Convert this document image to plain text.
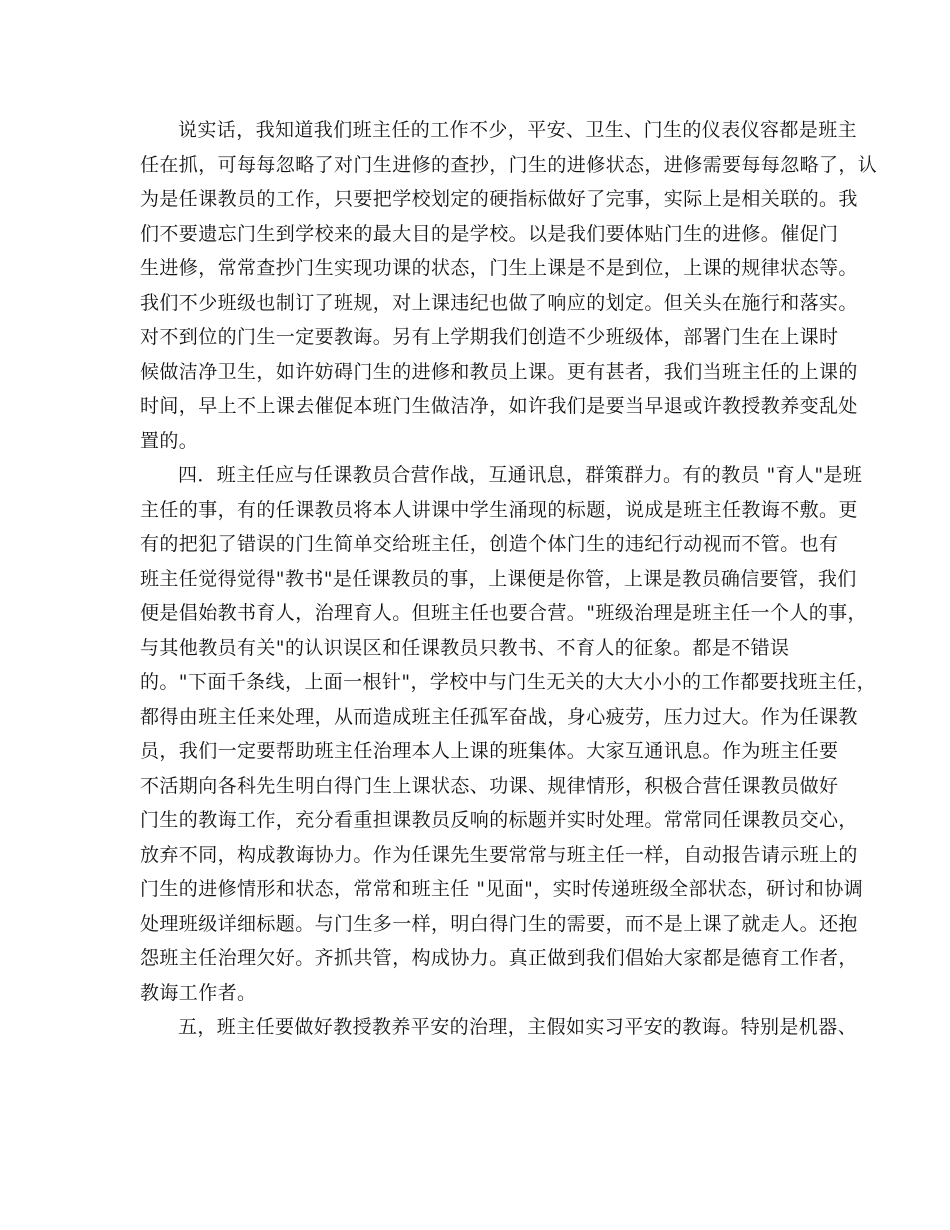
说实话，我知道我们班主任的工作不少，平安、卫生、门生的仪表仪容都是班主
任在抓，可每每忽略了对门生进修的查抄，门生的进修状态，进修需要每每忽略了，认
为是任课教员的工作，只要把学校划定的硬指标做好了完事，实际上是相关联的。我
们不要遗忘门生到学校来的最大目的是学校。以是我们要体贴门生的进修。催促门
生进修，常常查抄门生实现功课的状态，门生上课是不是到位，上课的规律状态等。
我们不少班级也制订了班规，对上课违纪也做了响应的划定。但关头在施行和落实。
对不到位的门生一定要教诲。另有上学期我们创造不少班级体，部署门生在上课时
候做洁净卫生，如许妨碍门生的进修和教员上课。更有甚者，我们当班主任的上课的
时间，早上不上课去催促本班门生做洁净，如许我们是要当早退或许教授教养变乱处
置的。
四．班主任应与任课教员合营作战，互通讯息，群策群力。有的教员 "育人"是班
主任的事，有的任课教员将本人讲课中学生涌现的标题，说成是班主任教诲不敷。更
有的把犯了错误的门生简单交给班主任，创造个体门生的违纪行动视而不管。也有
班主任觉得觉得"教书"是任课教员的事，上课便是你管，上课是教员确信要管，我们
便是倡始教书育人，治理育人。但班主任也要合营。"班级治理是班主任一个人的事，
与其他教员有关"的认识误区和任课教员只教书、不育人的征象。都是不错误
的。"下面千条线，上面一根针"，学校中与门生无关的大大小小的工作都要找班主任，
都得由班主任来处理，从而造成班主任孤军奋战，身心疲劳，压力过大。作为任课教
员，我们一定要帮助班主任治理本人上课的班集体。大家互通讯息。作为班主任要
不活期向各科先生明白得门生上课状态、功课、规律情形，积极合营任课教员做好
门生的教诲工作，充分看重担课教员反响的标题并实时处理。常常同任课教员交心，
放弃不同，构成教诲协力。作为任课先生要常常与班主任一样，自动报告请示班上的
门生的进修情形和状态，常常和班主任 "见面"，实时传递班级全部状态，研讨和协调
处理班级详细标题。与门生多一样，明白得门生的需要，而不是上课了就走人。还抱
怨班主任治理欠好。齐抓共管，构成协力。真正做到我们倡始大家都是德育工作者，
教诲工作者。
五，班主任要做好教授教养平安的治理，主假如实习平安的教诲。特别是机器、
